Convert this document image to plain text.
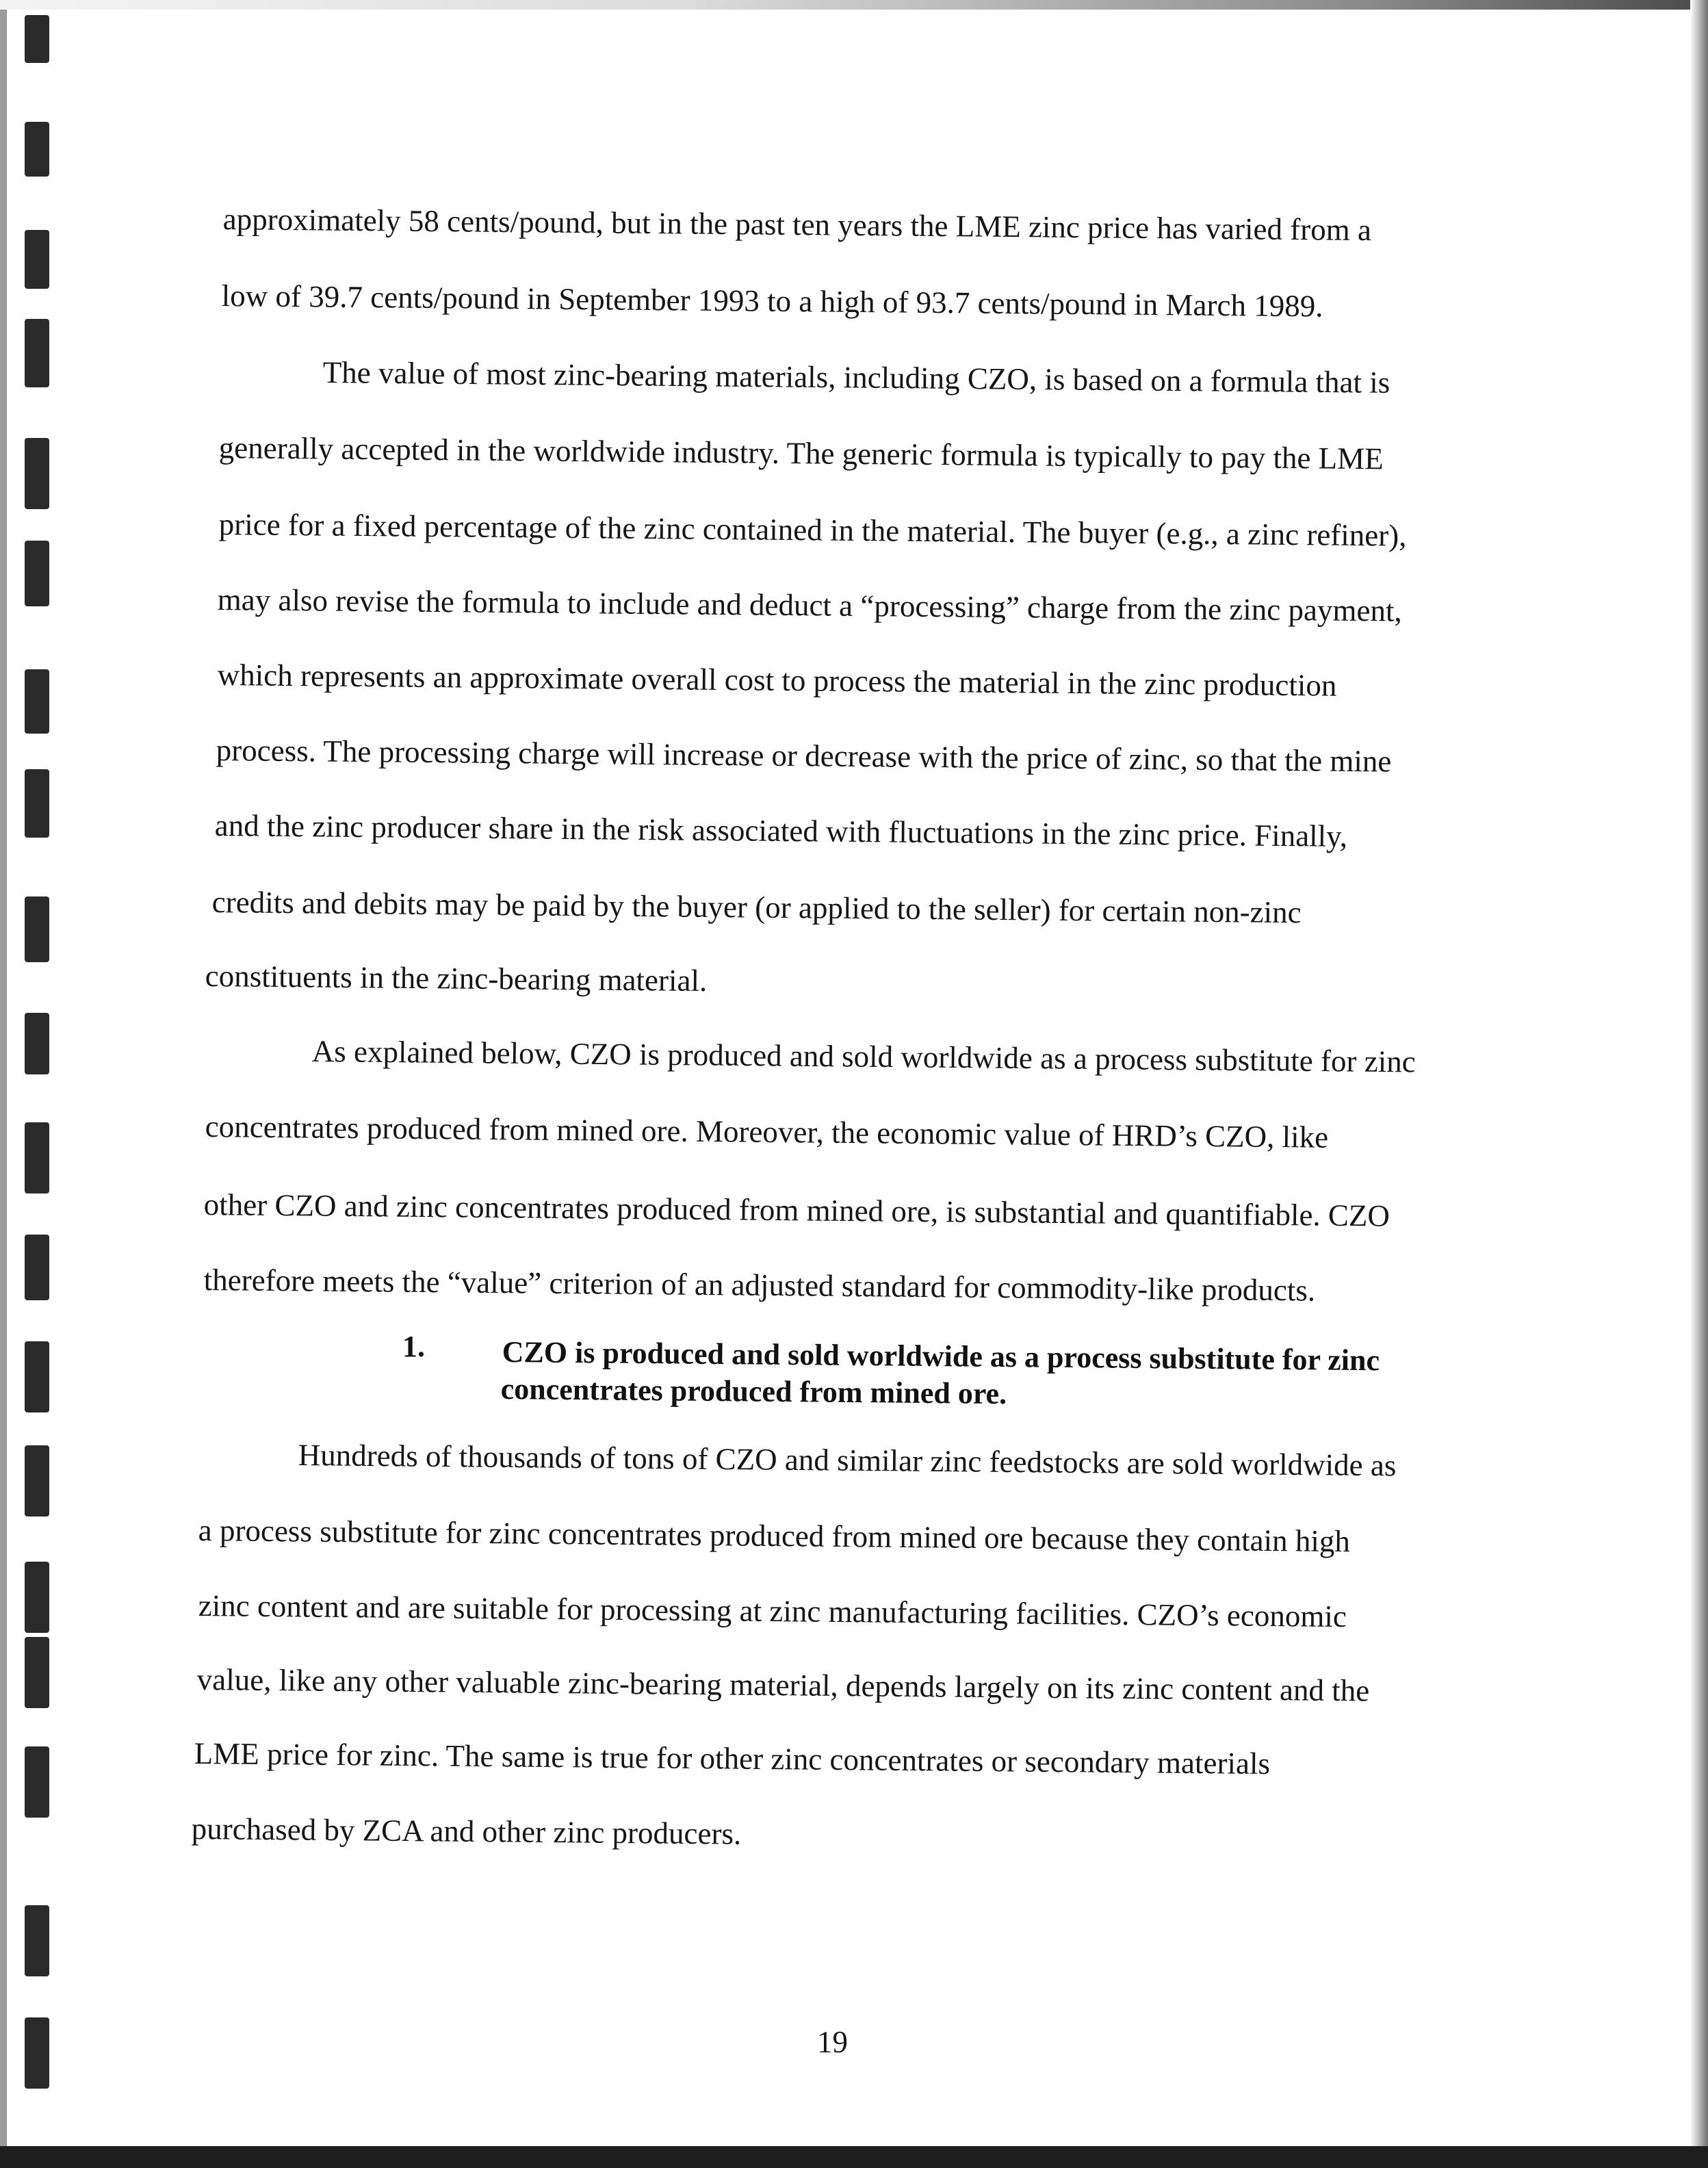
approximately 58 cents/pound, but in the past ten years the LME zinc price has varied from a
low of 39.7 cents/pound in September 1993 to a high of 93.7 cents/pound in March 1989.
The value of most zinc-bearing materials, including CZO, is based on a formula that is
generally accepted in the worldwide industry. The generic formula is typically to pay the LME
price for a fixed percentage of the zinc contained in the material. The buyer (e.g., a zinc refiner),
may also revise the formula to include and deduct a “processing” charge from the zinc payment,
which represents an approximate overall cost to process the material in the zinc production
process. The processing charge will increase or decrease with the price of zinc, so that the mine
and the zinc producer share in the risk associated with fluctuations in the zinc price. Finally,
credits and debits may be paid by the buyer (or applied to the seller) for certain non-zinc
constituents in the zinc-bearing material.
As explained below, CZO is produced and sold worldwide as a process substitute for zinc
concentrates produced from mined ore. Moreover, the economic value of HRD’s CZO, like
other CZO and zinc concentrates produced from mined ore, is substantial and quantifiable. CZO
therefore meets the “value” criterion of an adjusted standard for commodity-like products.
1.	CZO is produced and sold worldwide as a process substitute for zinc
concentrates produced from mined ore.
Hundreds of thousands of tons of CZO and similar zinc feedstocks are sold worldwide as
a process substitute for zinc concentrates produced from mined ore because they contain high
zinc content and are suitable for processing at zinc manufacturing facilities. CZO’s economic
value, like any other valuable zinc-bearing material, depends largely on its zinc content and the
LME price for zinc. The same is true for other zinc concentrates or secondary materials
purchased by ZCA and other zinc producers.
19
